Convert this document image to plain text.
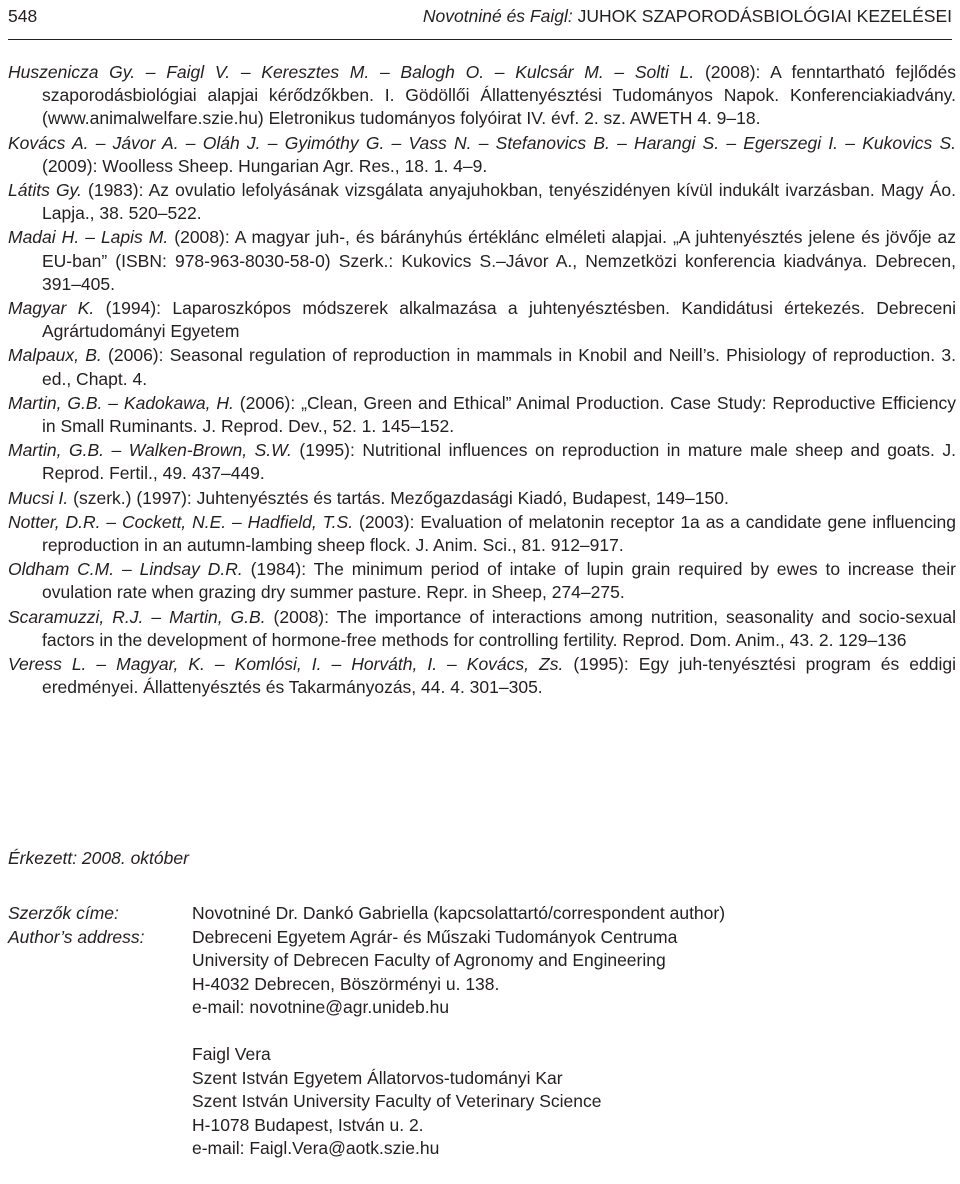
548	Novotniné és Faigl: JUHOK SZAPORODÁSBIOLÓGIAI KEZELÉSEI
Huszenicza Gy. – Faigl V. – Keresztes M. – Balogh O. – Kulcsár M. – Solti L. (2008): A fenntartható fejlődés szaporodásbiológiai alapjai kérődzőkben. I. Gödöllői Állattenyésztési Tudományos Napok. Konferenciakiadvány. (www.animalwelfare.szie.hu) Eletronikus tudományos folyóirat IV. évf. 2. sz. AWETH 4. 9–18.
Kovács A. – Jávor A. – Oláh J. – Gyimóthy G. – Vass N. – Stefanovics B. – Harangi S. – Egerszegi I. – Kukovics S. (2009): Woolless Sheep. Hungarian Agr. Res., 18. 1. 4–9.
Látits Gy. (1983): Az ovulatio lefolyásának vizsgálata anyajuhokban, tenyészidényen kívül indukált ivarzásban. Magy Áo. Lapja., 38. 520–522.
Madai H. – Lapis M. (2008): A magyar juh-, és bárányhús értéklánc elméleti alapjai. „A juhtenyésztés jelene és jövője az EU-ban” (ISBN: 978-963-8030-58-0) Szerk.: Kukovics S.–Jávor A., Nemzetközi konferencia kiadványa. Debrecen, 391–405.
Magyar K. (1994): Laparoszkópos módszerek alkalmazása a juhtenyésztésben. Kandidátusi értekezés. Debreceni Agrártudományi Egyetem
Malpaux, B. (2006): Seasonal regulation of reproduction in mammals in Knobil and Neill’s. Phisiology of reproduction. 3. ed., Chapt. 4.
Martin, G.B. – Kadokawa, H. (2006): „Clean, Green and Ethical” Animal Production. Case Study: Reproductive Efficiency in Small Ruminants. J. Reprod. Dev., 52. 1. 145–152.
Martin, G.B. – Walken-Brown, S.W. (1995): Nutritional influences on reproduction in mature male sheep and goats. J. Reprod. Fertil., 49. 437–449.
Mucsi I. (szerk.) (1997): Juhtenyésztés és tartás. Mezőgazdasági Kiadó, Budapest, 149–150.
Notter, D.R. – Cockett, N.E. – Hadfield, T.S. (2003): Evaluation of melatonin receptor 1a as a candidate gene influencing reproduction in an autumn-lambing sheep flock. J. Anim. Sci., 81. 912–917.
Oldham C.M. – Lindsay D.R. (1984): The minimum period of intake of lupin grain required by ewes to increase their ovulation rate when grazing dry summer pasture. Repr. in Sheep, 274–275.
Scaramuzzi, R.J. – Martin, G.B. (2008): The importance of interactions among nutrition, seasonality and socio-sexual factors in the development of hormone-free methods for controlling fertility. Reprod. Dom. Anim., 43. 2. 129–136
Veress L. – Magyar, K. – Komlósi, I. – Horváth, I. – Kovács, Zs. (1995): Egy juh-tenyésztési program és eddigi eredményei. Állattenyésztés és Takarmányozás, 44. 4. 301–305.
Érkezett: 2008. október
Szerzők címe:
Author’s address:
Novotniné Dr. Dankó Gabriella (kapcsolattartó/correspondent author)
Debreceni Egyetem Agrár- és Műszaki Tudományok Centruma
University of Debrecen Faculty of Agronomy and Engineering
H-4032 Debrecen, Böszörményi u. 138.
e-mail: novotnine@agr.unideb.hu
Faigl Vera
Szent István Egyetem Állatorvos-tudományi Kar
Szent István University Faculty of Veterinary Science
H-1078 Budapest, István u. 2.
e-mail: Faigl.Vera@aotk.szie.hu
